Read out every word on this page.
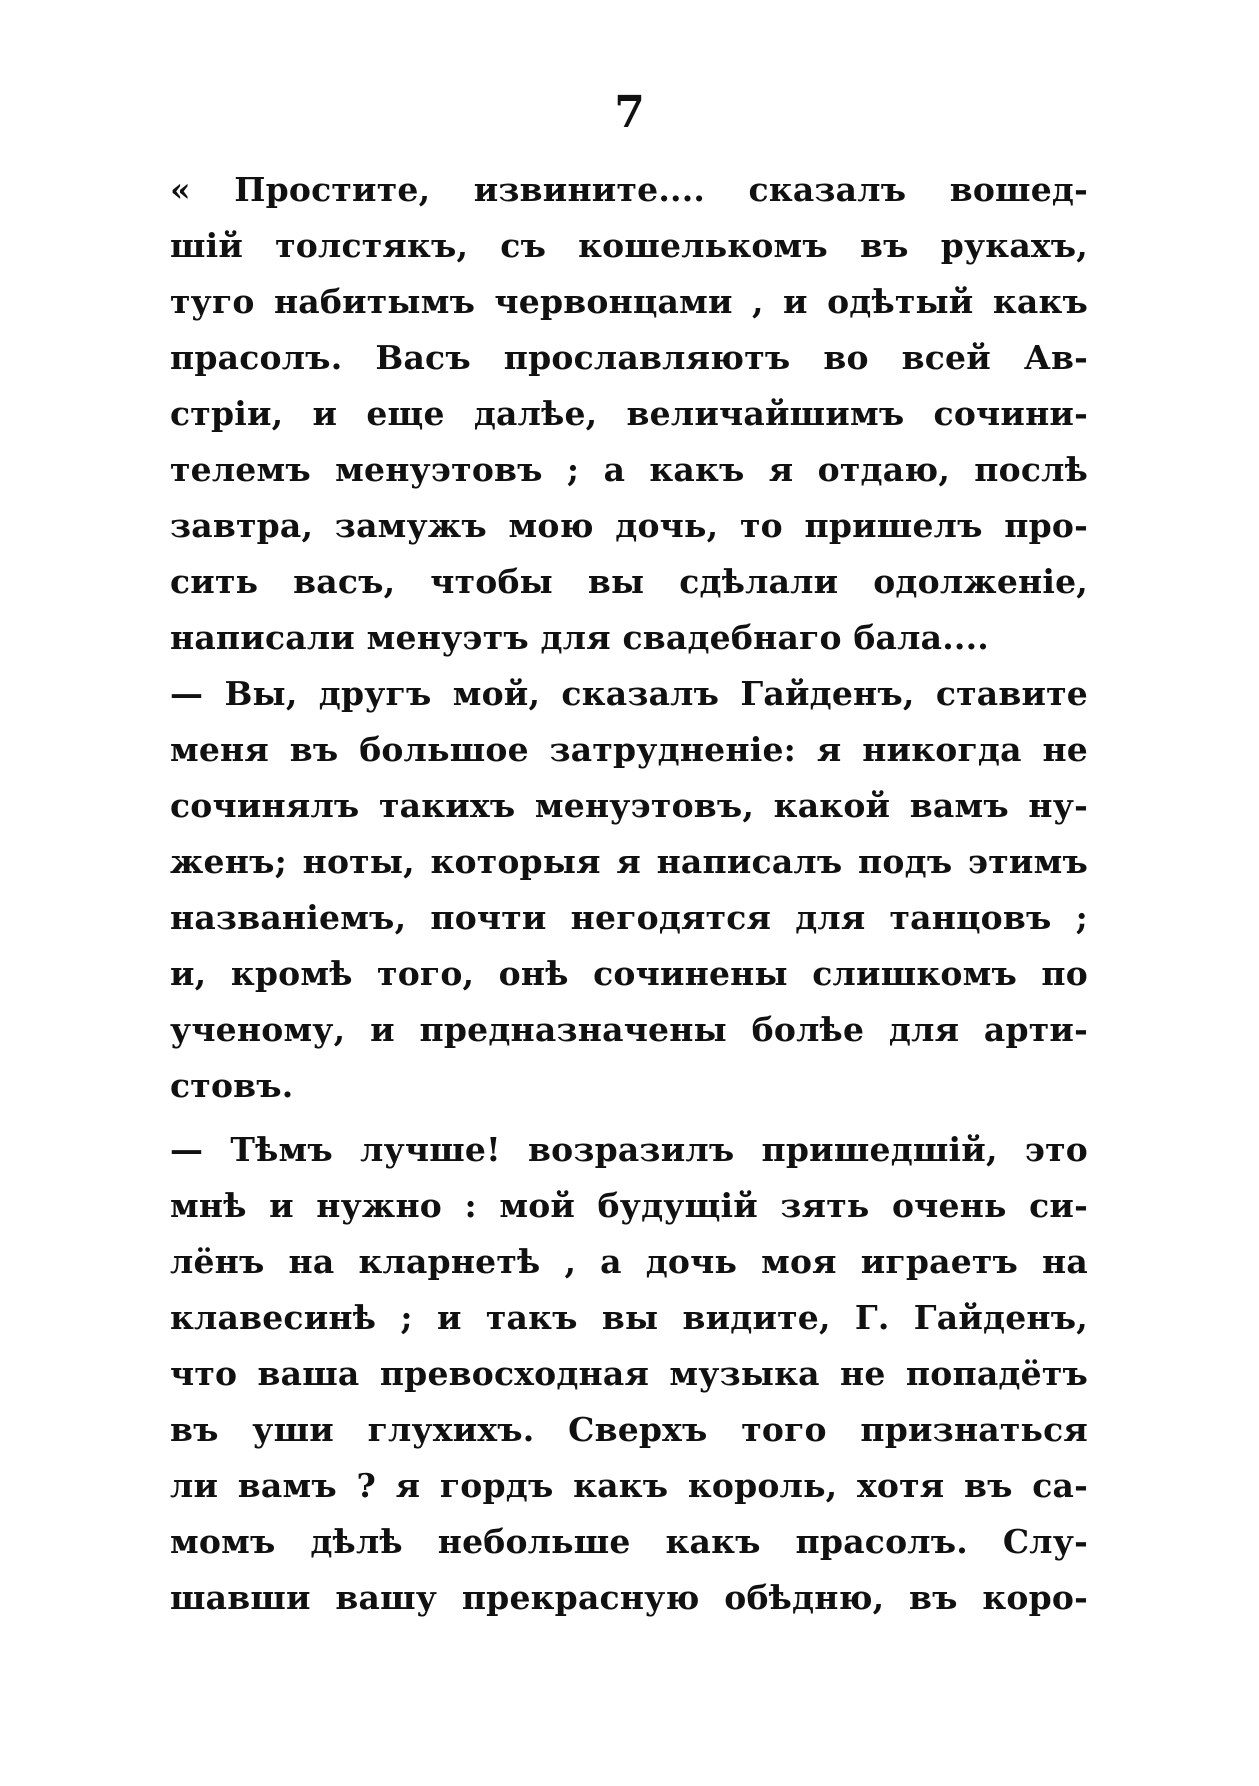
7
« Простите, извините.... сказалъ вошед-
шій толстякъ, съ кошелькомъ въ рукахъ,
туго набитымъ червонцами , и одѣтый какъ
прасолъ. Васъ прославляютъ во всей Ав-
стріи, и еще далѣе, величайшимъ сочини-
телемъ менуэтовъ ; а какъ я отдаю, послѣ
завтра, замужъ мою дочь, то пришелъ про-
сить васъ, чтобы вы сдѣлали одолженіе,
написали менуэтъ для свадебнаго бала....
— Вы, другъ мой, сказалъ Гайденъ, ставите
меня въ большое затрудненіе: я никогда не
сочинялъ такихъ менуэтовъ, какой вамъ ну-
женъ; ноты, которыя я написалъ подъ этимъ
названіемъ, почти негодятся для танцовъ ;
и, кромѣ того, онѣ сочинены слишкомъ по
ученому, и предназначены болѣе для арти-
стовъ.
— Тѣмъ лучше! возразилъ пришедшій, это
мнѣ и нужно : мой будущій зять очень си-
лёнъ на кларнетѣ , а дочь моя играетъ на
клавесинѣ ; и такъ вы видите, Г. Гайденъ,
что ваша превосходная музыка не попадётъ
въ уши глухихъ. Сверхъ того признаться
ли вамъ ? я гордъ какъ король, хотя въ са-
момъ дѣлѣ небольше какъ прасолъ. Слу-
шавши вашу прекрасную обѣдню, въ коро-
